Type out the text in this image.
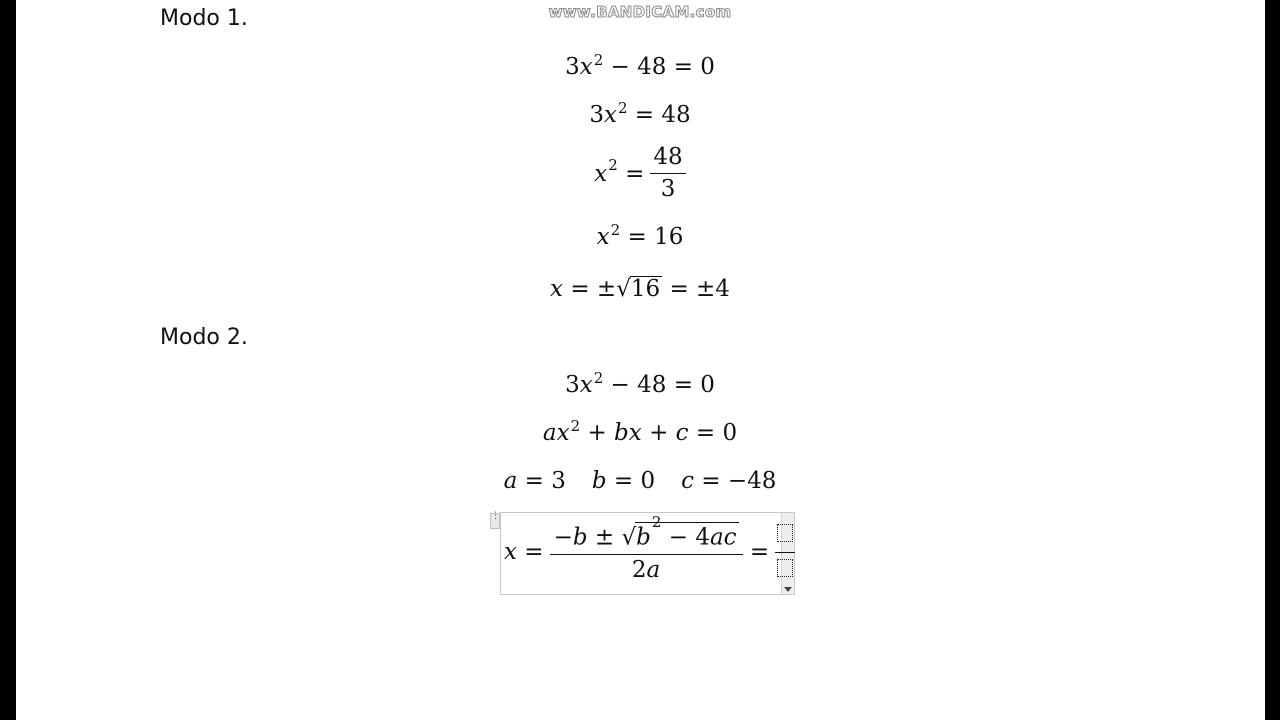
www.BANDICAM.com
Modo 1.
$3x^2 - 48 = 0$
$3x^2 = 48$
$x^2 = \frac{48}{3}$
$x^2 = 16$
x = ±√16 = ±4
Modo 2.
$3x^2 - 48 = 0$
$ax^2$ + bx + c = 0
a = 3 b = 0 c = −48
⋮
$x = \frac{-b \pm √b^2 - 4ac}{2a}$ =
